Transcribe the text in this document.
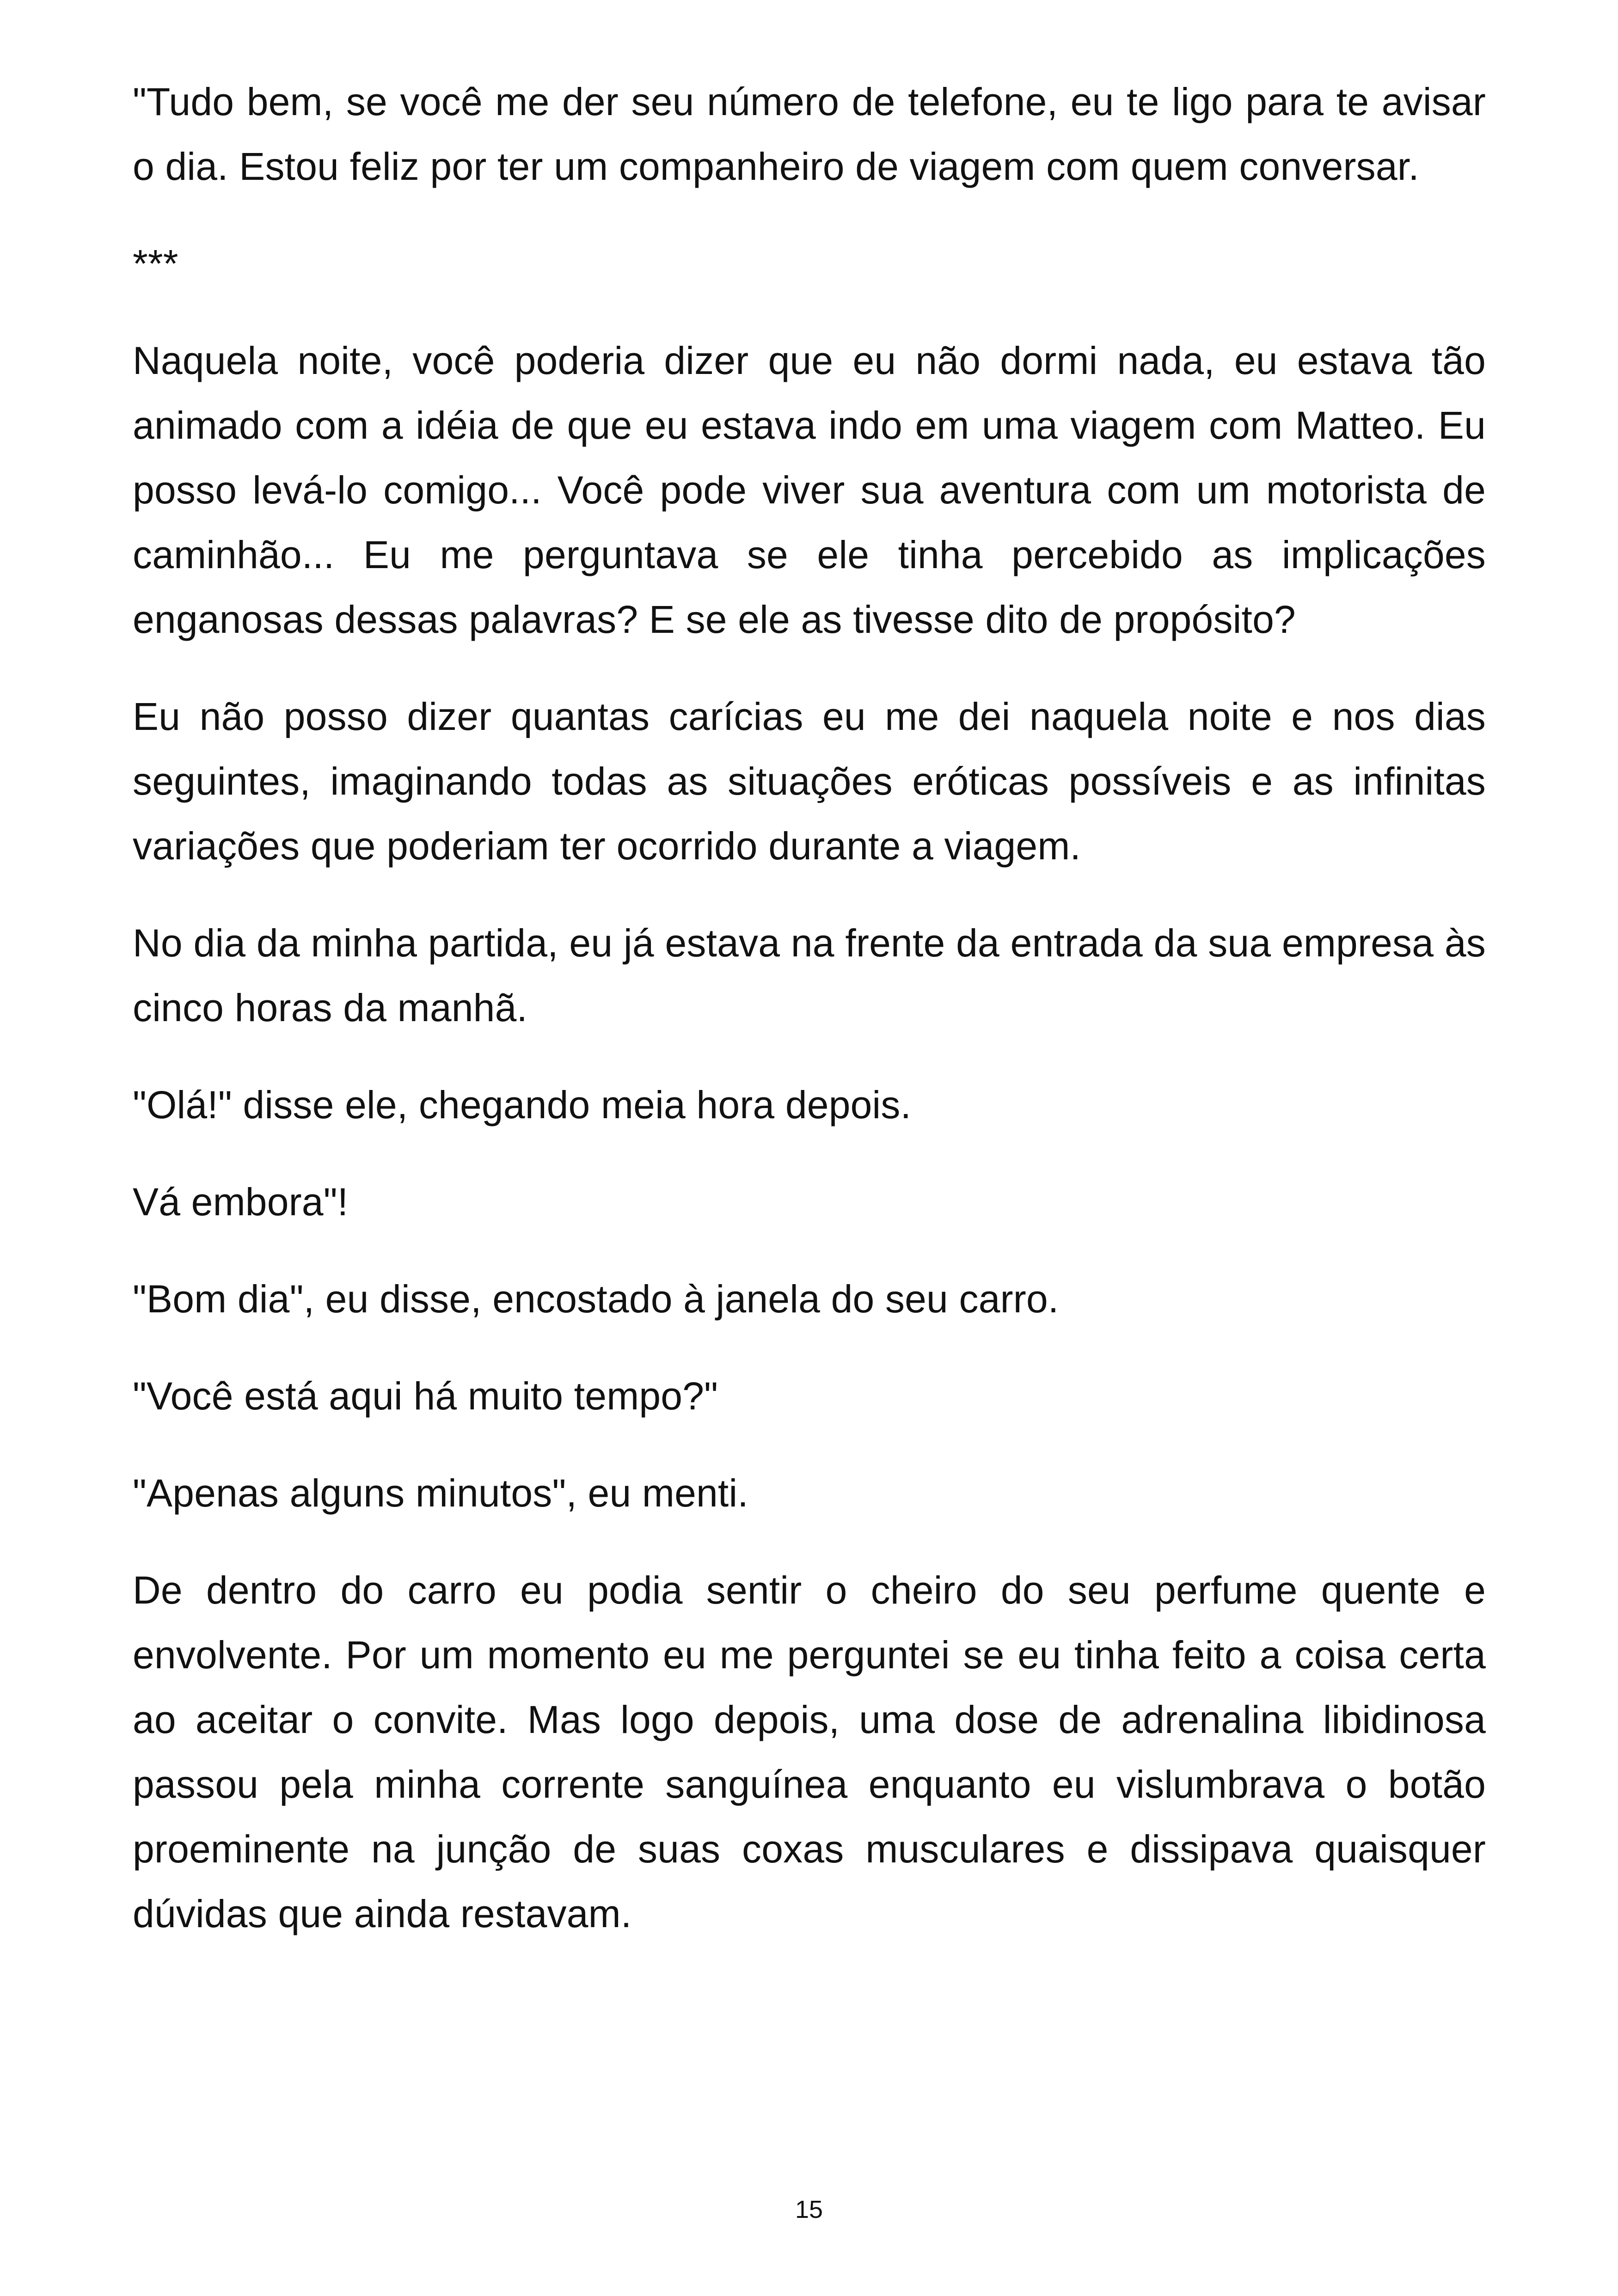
"Tudo bem, se você me der seu número de telefone, eu te ligo para te avisar o dia. Estou feliz por ter um companheiro de viagem com quem conversar.

***

Naquela noite, você poderia dizer que eu não dormi nada, eu estava tão animado com a idéia de que eu estava indo em uma viagem com Matteo. Eu posso levá-lo comigo... Você pode viver sua aventura com um motorista de caminhão... Eu me perguntava se ele tinha percebido as implicações enganosas dessas palavras? E se ele as tivesse dito de propósito?

Eu não posso dizer quantas carícias eu me dei naquela noite e nos dias seguintes, imaginando todas as situações eróticas possíveis e as infinitas variações que poderiam ter ocorrido durante a viagem.

No dia da minha partida, eu já estava na frente da entrada da sua empresa às cinco horas da manhã.

"Olá!" disse ele, chegando meia hora depois.

Vá embora"!

"Bom dia", eu disse, encostado à janela do seu carro.

"Você está aqui há muito tempo?"

"Apenas alguns minutos", eu menti.

De dentro do carro eu podia sentir o cheiro do seu perfume quente e envolvente. Por um momento eu me perguntei se eu tinha feito a coisa certa ao aceitar o convite. Mas logo depois, uma dose de adrenalina libidinosa passou pela minha corrente sanguínea enquanto eu vislumbrava o botão proeminente na junção de suas coxas musculares e dissipava quaisquer dúvidas que ainda restavam.

15
